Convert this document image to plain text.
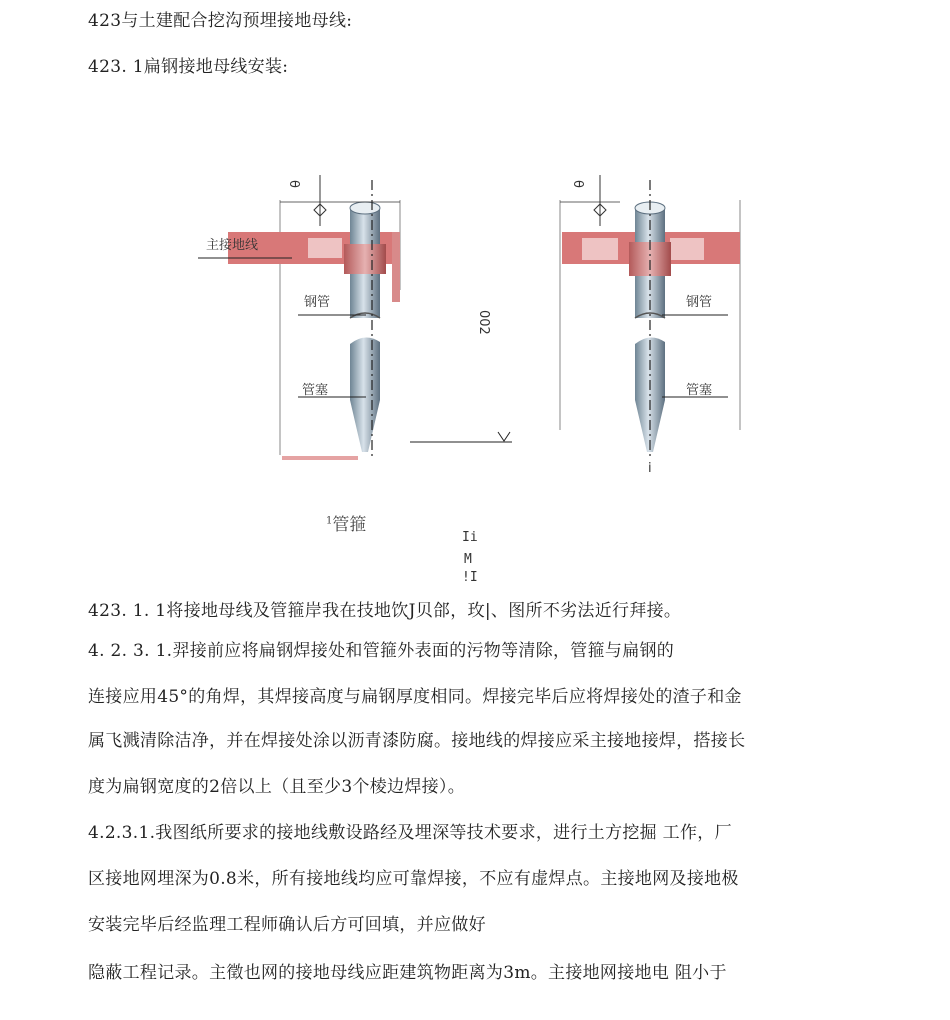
423与土建配合挖沟预埋接地母线:
423. 1扁钢接地母线安装:
主接地线
钢管
管塞
θ
002
钢管
管塞
θ
i
$^1$管箍
Ii
M
!I
423. 1. 1将接地母线及管箍岸我在技地饮J贝郃，玫|、图所不劣法近行拜接。
4. 2. 3. 1.羿接前应将扁钢焊接处和管箍外表面的污物等清除，管箍与扁钢的
连接应用45°的角焊，其焊接高度与扁钢厚度相同。焊接完毕后应将焊接处的渣子和金
属飞溅清除洁净，并在焊接处涂以沥青漆防腐。接地线的焊接应采主接地接焊，搭接长
度为扁钢宽度的2倍以上（且至少3个棱边焊接）。
4.2.3.1.我图纸所要求的接地线敷设路经及埋深等技术要求，进行土方挖掘 工作，厂
区接地网埋深为0.8米，所有接地线均应可靠焊接，不应有虚焊点。主接地网及接地极
安装完毕后经监理工程师确认后方可回填，并应做好
隐蔽工程记录。主徵也网的接地母线应距建筑物距离为3m。主接地网接地电 阻小于
